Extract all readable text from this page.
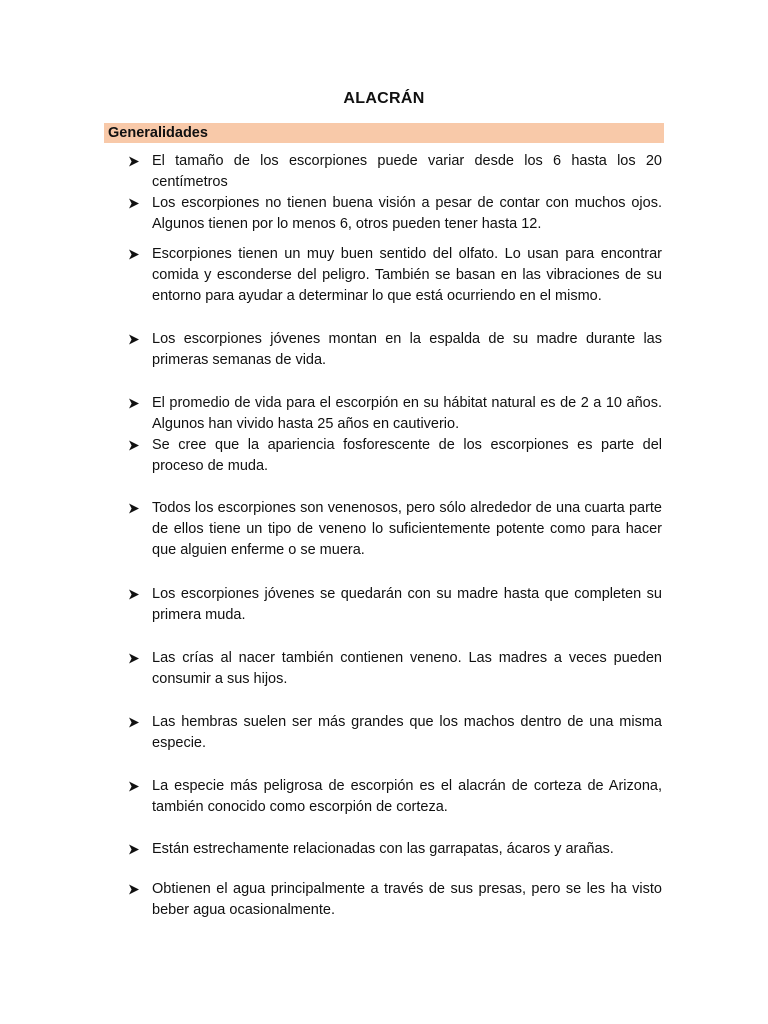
ALACRÁN
Generalidades
El tamaño de los escorpiones puede variar desde los 6 hasta los 20 centímetros
Los escorpiones no tienen buena visión a pesar de contar con muchos ojos. Algunos tienen por lo menos 6, otros pueden tener hasta 12.
Escorpiones tienen un muy buen sentido del olfato. Lo usan para encontrar comida y esconderse del peligro. También se basan en las vibraciones de su entorno para ayudar a determinar lo que está ocurriendo en el mismo.
Los escorpiones jóvenes montan en la espalda de su madre durante las primeras semanas de vida.
El promedio de vida para el escorpión en su hábitat natural es de 2 a 10 años. Algunos han vivido hasta 25 años en cautiverio.
Se cree que la apariencia fosforescente de los escorpiones es parte del proceso de muda.
Todos los escorpiones son venenosos, pero sólo alrededor de una cuarta parte de ellos tiene un tipo de veneno lo suficientemente potente como para hacer que alguien enferme o se muera.
Los escorpiones jóvenes se quedarán con su madre hasta que completen su primera muda.
Las crías al nacer también contienen veneno. Las madres a veces pueden consumir a sus hijos.
Las hembras suelen ser más grandes que los machos dentro de una misma especie.
La especie más peligrosa de escorpión es el alacrán de corteza de Arizona, también conocido como escorpión de corteza.
Están estrechamente relacionadas con las garrapatas, ácaros y arañas.
Obtienen el agua principalmente a través de sus presas, pero se les ha visto beber agua ocasionalmente.
